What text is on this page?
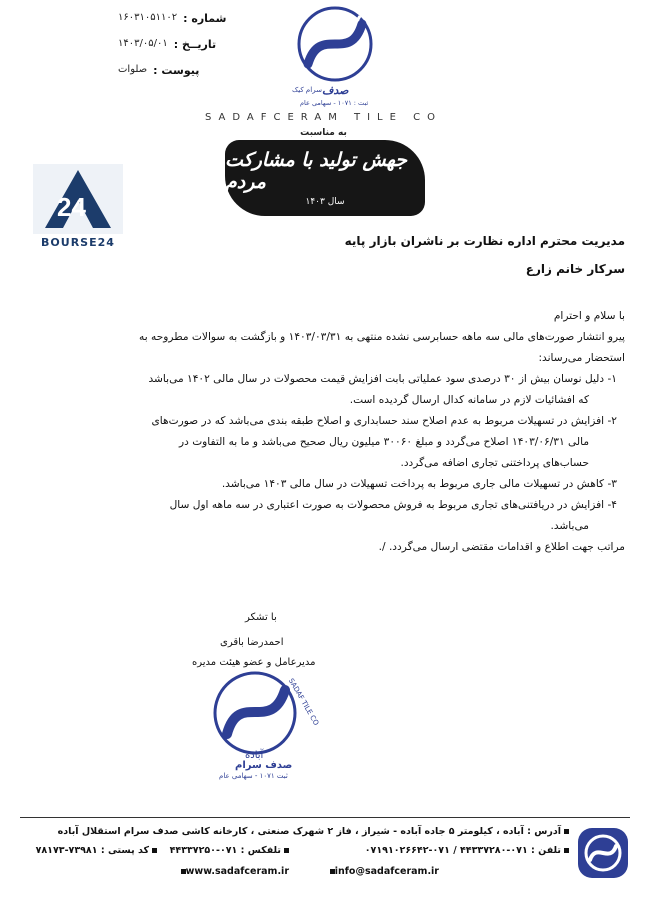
شماره :
۱۶۰۳۱۰۵۱۱۰۲
تاریــخ :
۱۴۰۳/۰۵/۰۱
پیوست :
صلوات
صدف
سرام کیک
ثبت : ۱۰۷۱ - سهامی عام
SADAFCERAM TILE CO
به مناسبت
جهش تولید با مشارکت مردم
سال ۱۴۰۳
24
BOURSE24	مدیریت محترم اداره نظارت بر ناشران بازار پایه
سرکار خانم زارع

با سلام و احترام

پیرو انتشار صورت‌های مالی سه ماهه حسابرسی نشده منتهی به ۱۴۰۳/۰۳/۳۱ و بازگشت به سوالات مطروحه به

استحضار می‌رساند:

۱- دلیل نوسان بیش از ۳۰ درصدی سود عملیاتی بابت افزایش قیمت محصولات در سال مالی ۱۴۰۲ می‌باشد

که افشائیات لازم در سامانه کدال ارسال گردیده است.

۲- افزایش در تسهیلات مربوط به عدم اصلاح سند حسابداری و اصلاح طبقه بندی می‌باشد که در صورت‌های

مالی ۱۴۰۳/۰۶/۳۱ اصلاح می‌گردد و مبلغ ۳۰۰۶۰ میلیون ریال صحیح می‌باشد و ما به التفاوت در

حساب‌های پرداختنی تجاری اضافه می‌گردد.

۳- کاهش در تسهیلات مالی جاری مربوط به پرداخت تسهیلات در سال مالی ۱۴۰۳ می‌باشد.

۴- افزایش در دریافتنی‌های تجاری مربوط به فروش محصولات به صورت اعتباری در سه ماهه اول سال

می‌باشد.

مراتب جهت اطلاع و اقدامات مقتضی ارسال می‌گردد. /.

با تشکر
احمدرضا باقری
مدیرعامل و عضو هیئت مدیره
SADAF TILE CO
آباده
صدف سرام
ثبت ۱۰۷۱ - سهامی عام
آدرس : آباده ، کیلومتر ۵ جاده آباده - شیراز ، فاز ۲ شهرک صنعتی ، کارخانه کاشی صدف سرام استقلال آباده
تلفن : ۰۷۱-۴۴۳۳۷۲۸۰ / ۰۷۱-۰۷۱۹۱۰۲۶۶۴۲
تلفکس : ۰۷۱-۴۴۳۳۷۲۵۰
کد پستی : ۷۳۹۸۱-۷۸۱۷۳
info@sadafceram.ir
www.sadafceram.ir
